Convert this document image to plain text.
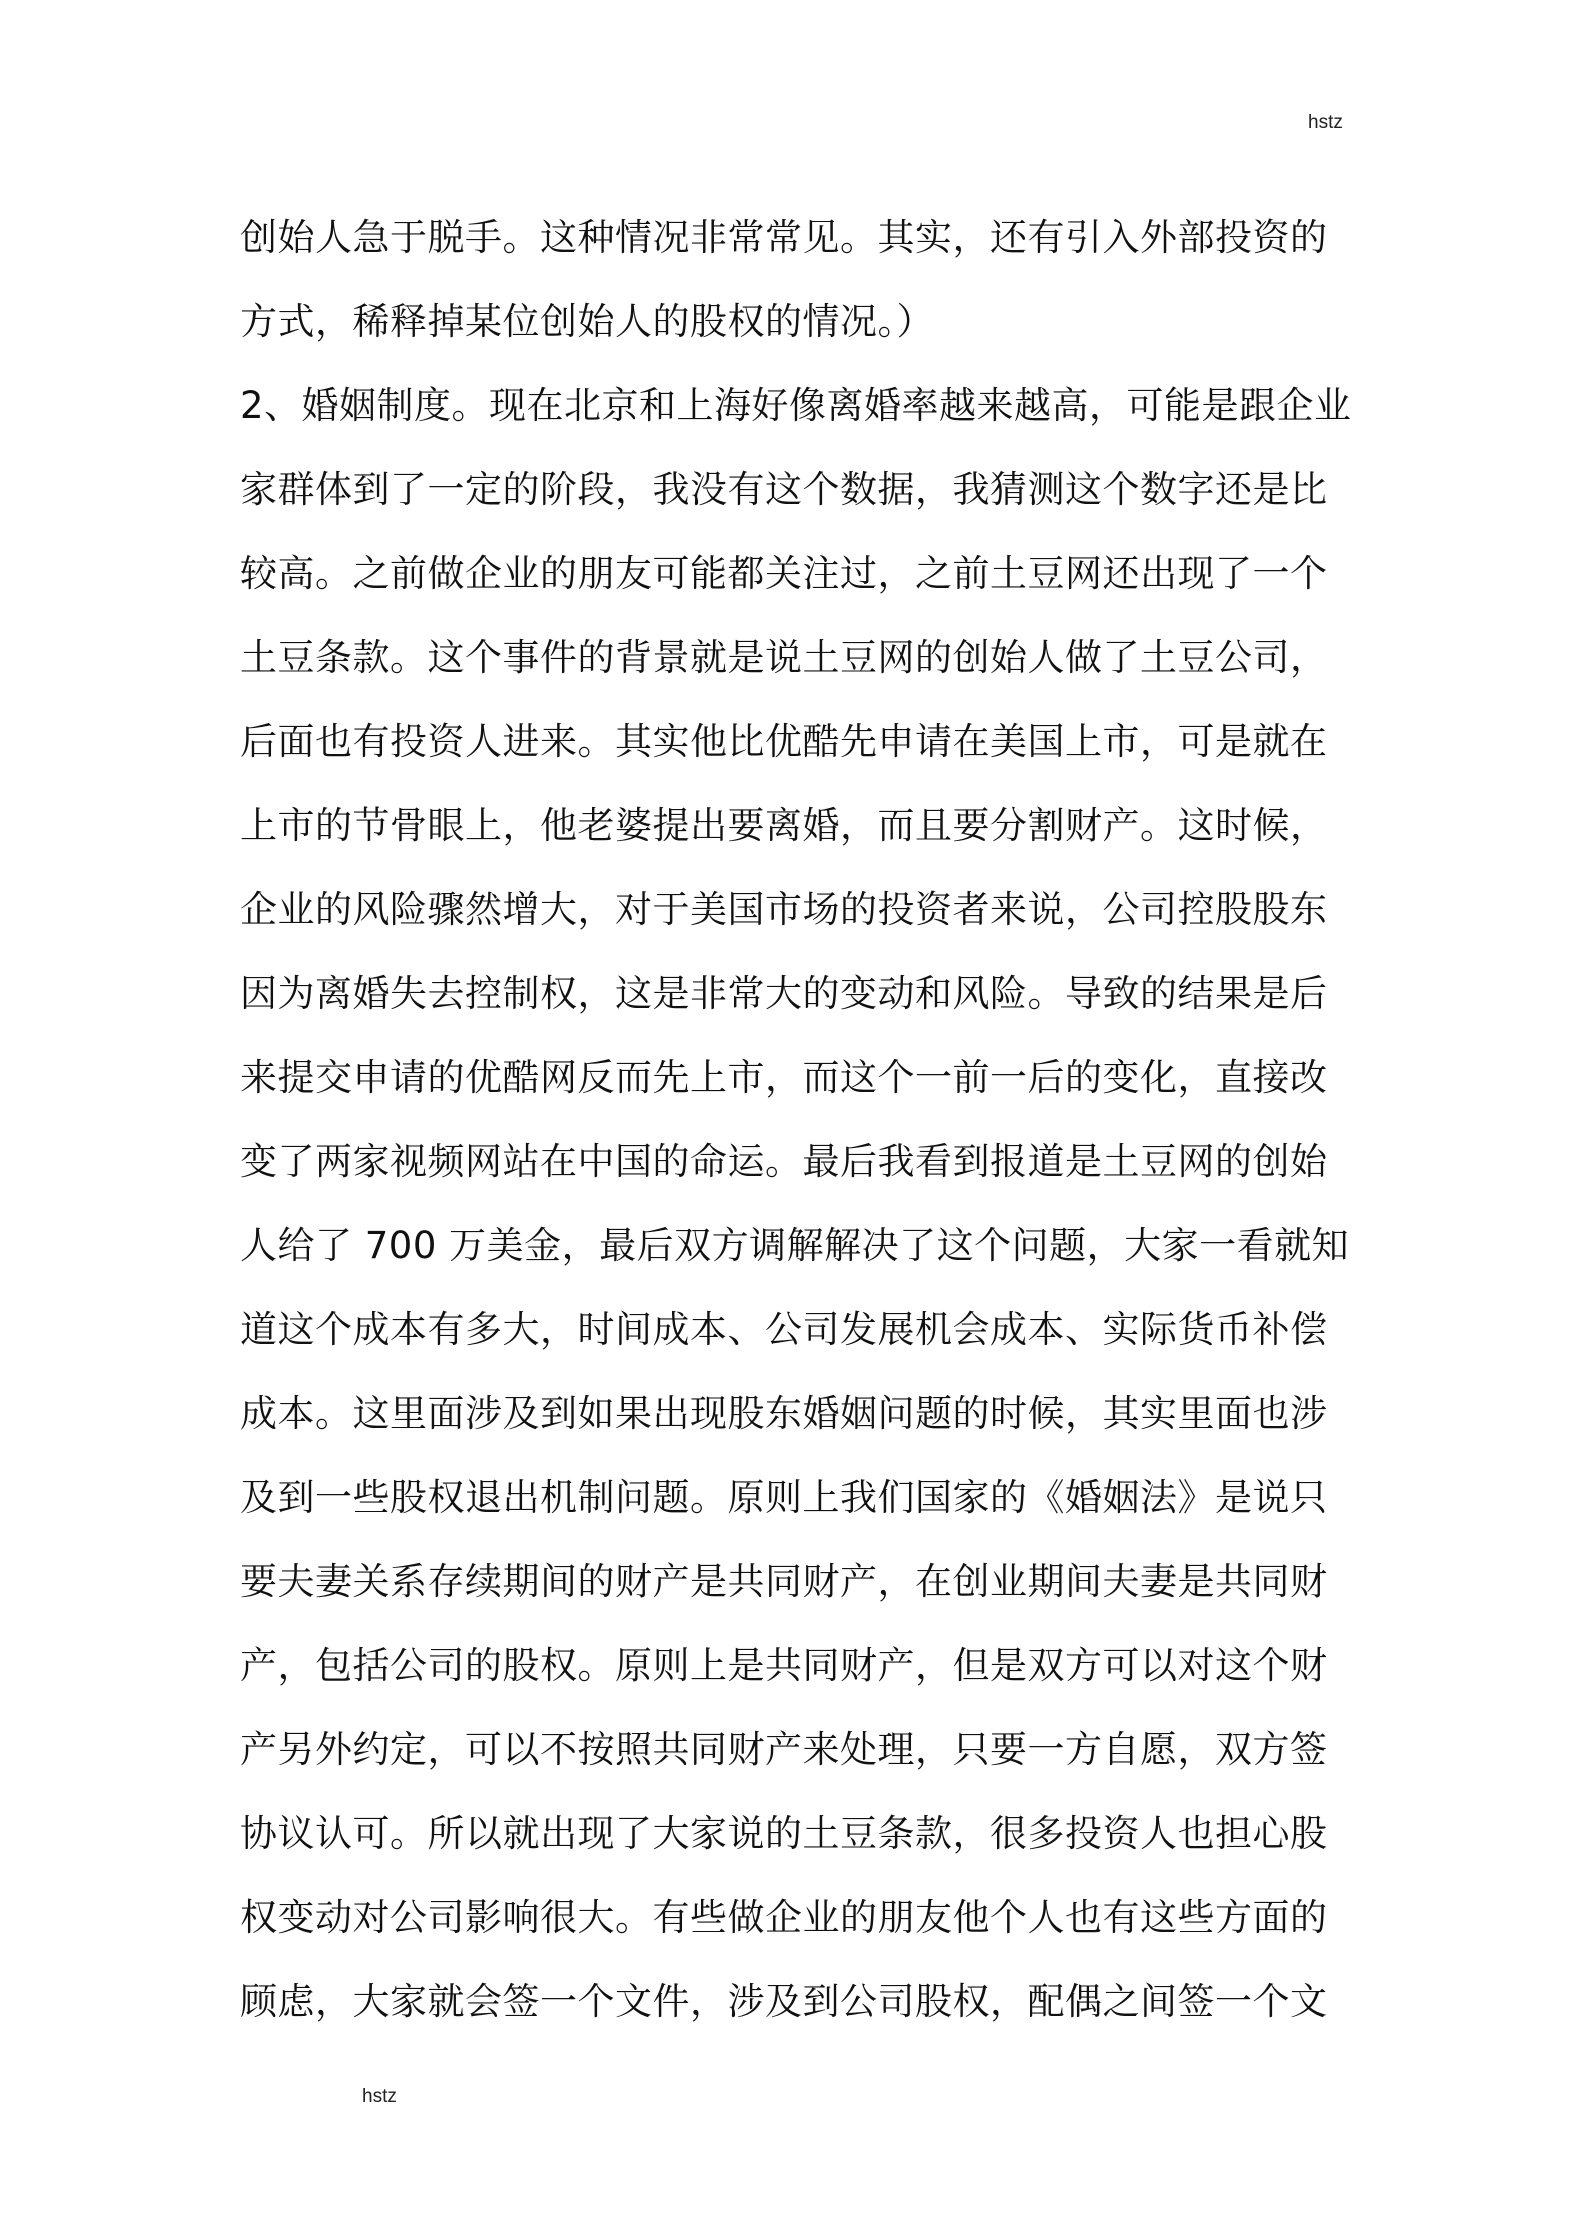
hstz
创始人急于脱手。这种情况非常常见。其实，还有引入外部投资的
方式，稀释掉某位创始人的股权的情况。）
2、婚姻制度。现在北京和上海好像离婚率越来越高，可能是跟企业
家群体到了一定的阶段，我没有这个数据，我猜测这个数字还是比
较高。之前做企业的朋友可能都关注过，之前土豆网还出现了一个
土豆条款。这个事件的背景就是说土豆网的创始人做了土豆公司，
后面也有投资人进来。其实他比优酷先申请在美国上市，可是就在
上市的节骨眼上，他老婆提出要离婚，而且要分割财产。这时候，
企业的风险骤然增大，对于美国市场的投资者来说，公司控股股东
因为离婚失去控制权，这是非常大的变动和风险。导致的结果是后
来提交申请的优酷网反而先上市，而这个一前一后的变化，直接改
变了两家视频网站在中国的命运。最后我看到报道是土豆网的创始
人给了 700 万美金，最后双方调解解决了这个问题，大家一看就知
道这个成本有多大，时间成本、公司发展机会成本、实际货币补偿
成本。这里面涉及到如果出现股东婚姻问题的时候，其实里面也涉
及到一些股权退出机制问题。原则上我们国家的《婚姻法》是说只
要夫妻关系存续期间的财产是共同财产，在创业期间夫妻是共同财
产，包括公司的股权。原则上是共同财产，但是双方可以对这个财
产另外约定，可以不按照共同财产来处理，只要一方自愿，双方签
协议认可。所以就出现了大家说的土豆条款，很多投资人也担心股
权变动对公司影响很大。有些做企业的朋友他个人也有这些方面的
顾虑，大家就会签一个文件，涉及到公司股权，配偶之间签一个文
hstz
